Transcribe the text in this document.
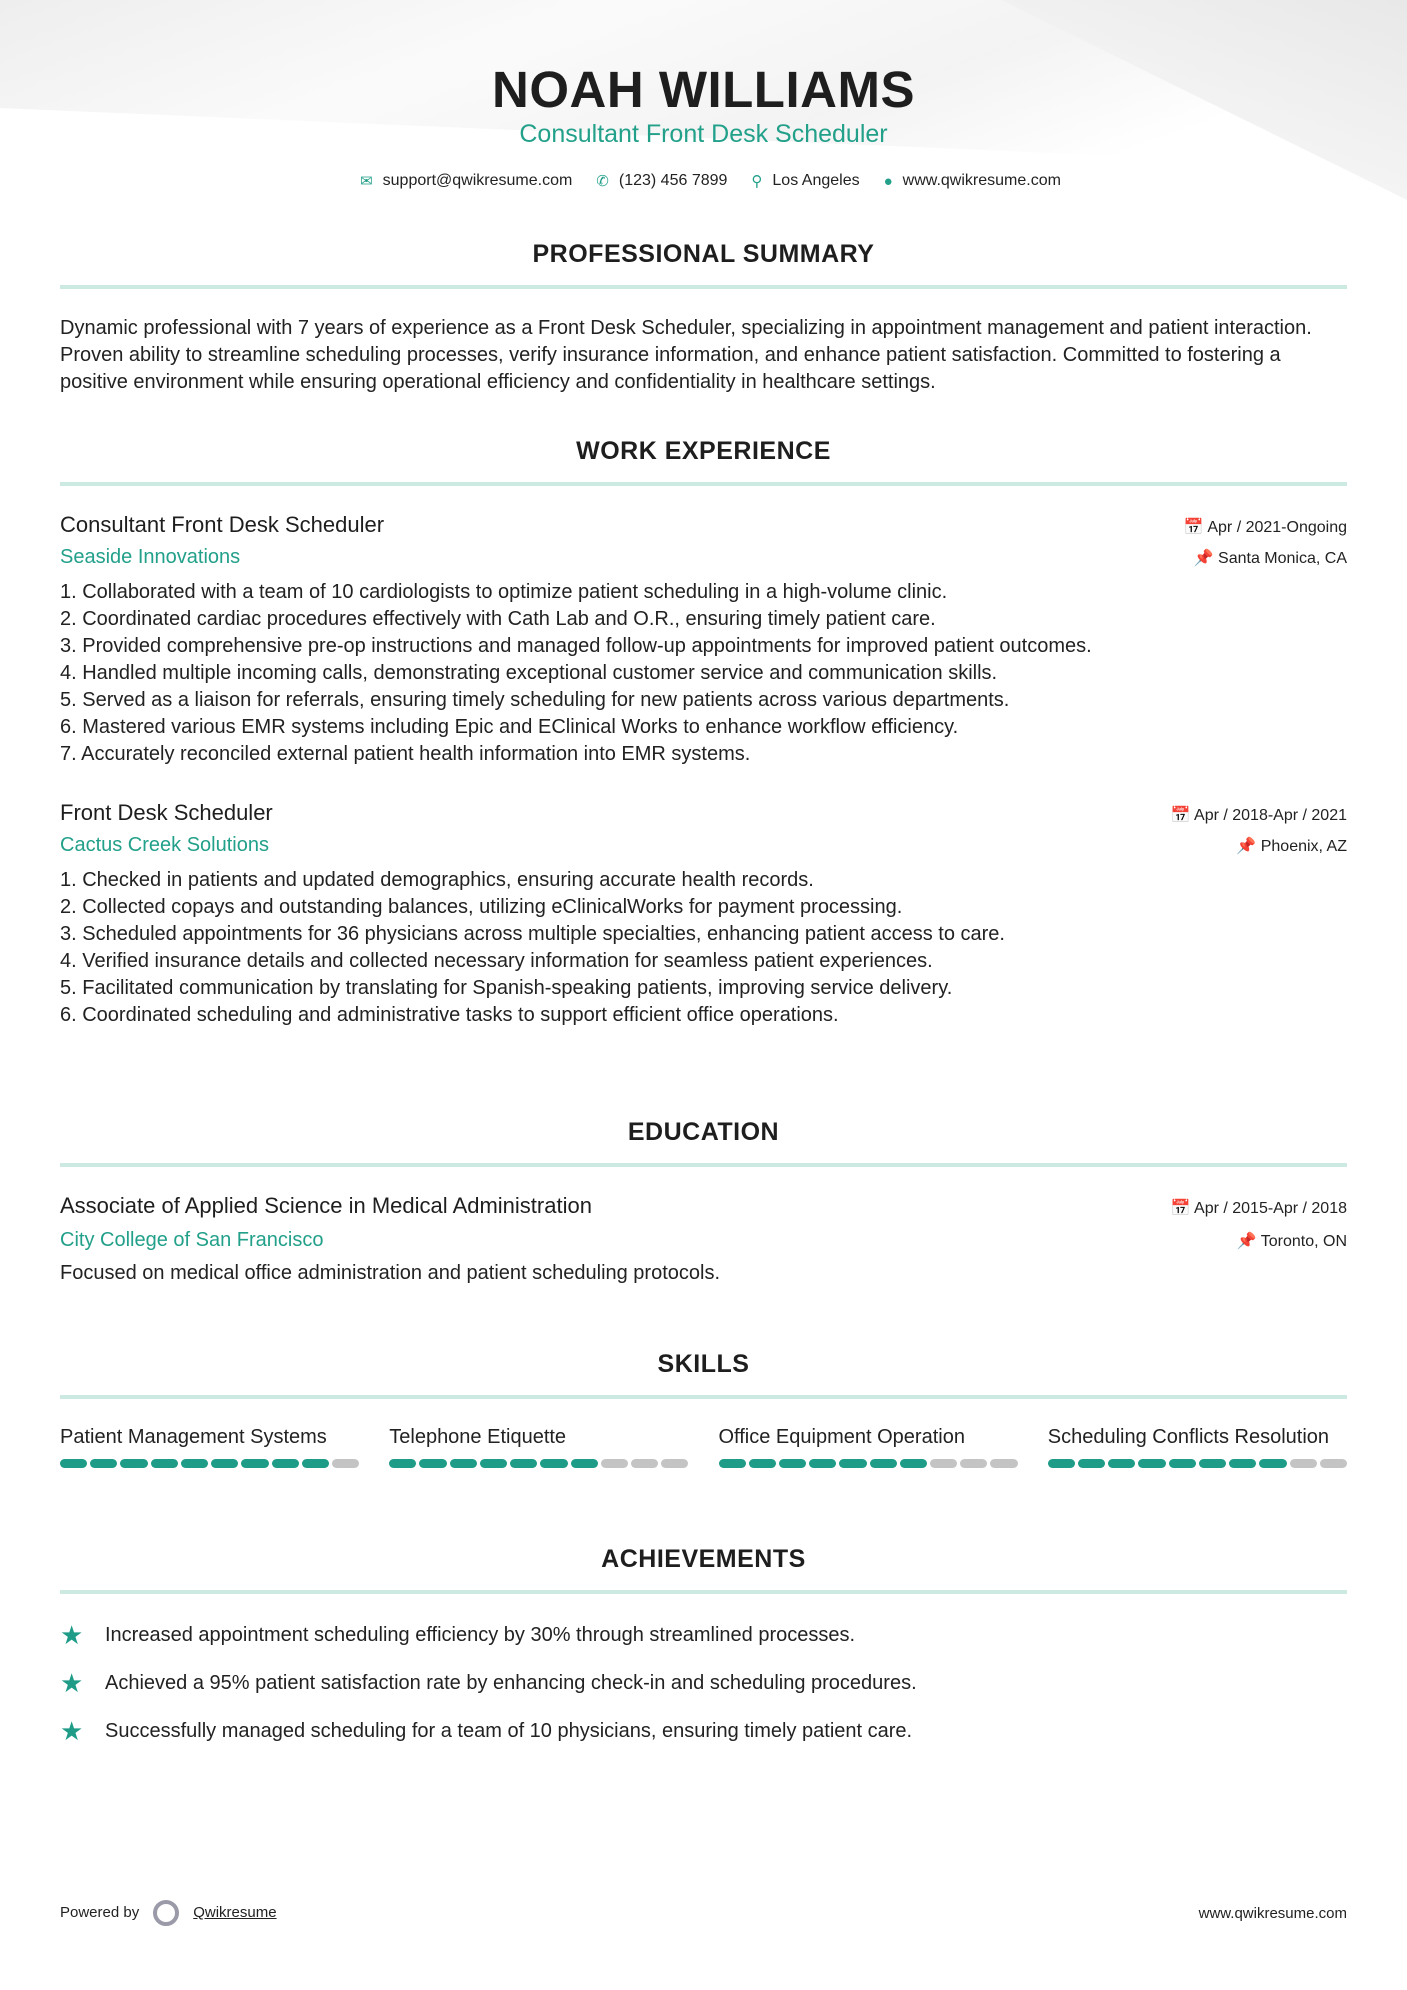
NOAH WILLIAMS
Consultant Front Desk Scheduler
✉ support@qwikresume.com ✆ (123) 456 7899 ⚲ Los Angeles ● www.qwikresume.com
PROFESSIONAL SUMMARY

Dynamic professional with 7 years of experience as a Front Desk Scheduler, specializing in appointment management and patient interaction. Proven ability to streamline scheduling processes, verify insurance information, and enhance patient satisfaction. Committed to fostering a positive environment while ensuring operational efficiency and confidentiality in healthcare settings.

WORK EXPERIENCE
Consultant Front Desk Scheduler	📅 Apr / 2021-Ongoing
Seaside Innovations	📌 Santa Monica, CA
1. Collaborated with a team of 10 cardiologists to optimize patient scheduling in a high-volume clinic.
2. Coordinated cardiac procedures effectively with Cath Lab and O.R., ensuring timely patient care.
3. Provided comprehensive pre-op instructions and managed follow-up appointments for improved patient outcomes.
4. Handled multiple incoming calls, demonstrating exceptional customer service and communication skills.
5. Served as a liaison for referrals, ensuring timely scheduling for new patients across various departments.
6. Mastered various EMR systems including Epic and EClinical Works to enhance workflow efficiency.
7. Accurately reconciled external patient health information into EMR systems.
Front Desk Scheduler	📅 Apr / 2018-Apr / 2021
Cactus Creek Solutions	📌 Phoenix, AZ
1. Checked in patients and updated demographics, ensuring accurate health records.
2. Collected copays and outstanding balances, utilizing eClinicalWorks for payment processing.
3. Scheduled appointments for 36 physicians across multiple specialties, enhancing patient access to care.
4. Verified insurance details and collected necessary information for seamless patient experiences.
5. Facilitated communication by translating for Spanish-speaking patients, improving service delivery.
6. Coordinated scheduling and administrative tasks to support efficient office operations.
EDUCATION
Associate of Applied Science in Medical Administration	📅 Apr / 2015-Apr / 2018
City College of San Francisco	📌 Toronto, ON

Focused on medical office administration and patient scheduling protocols.

SKILLS
Patient Management Systems	Telephone Etiquette	Office Equipment Operation	Scheduling Conflicts Resolution
ACHIEVEMENTS
★	Increased appointment scheduling efficiency by 30% through streamlined processes.
★	Achieved a 95% patient satisfaction rate by enhancing check-in and scheduling procedures.
★	Successfully managed scheduling for a team of 10 physicians, ensuring timely patient care.
Powered by	Qwikresume	www.qwikresume.com
